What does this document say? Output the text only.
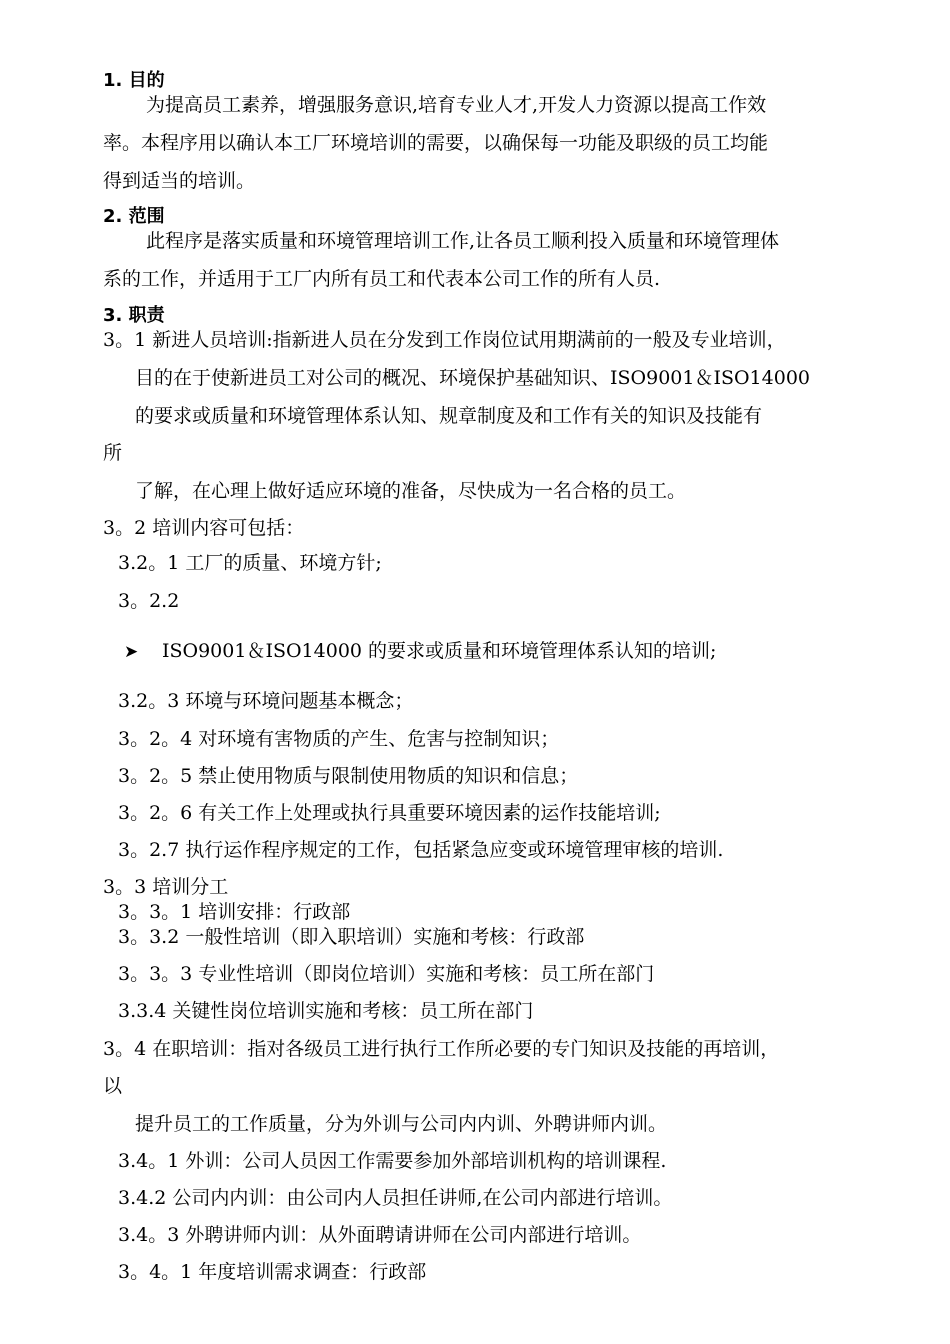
1. 目的
为提高员工素养，增强服务意识,培育专业人才,开发人力资源以提高工作效
率。本程序用以确认本工厂环境培训的需要，以确保每一功能及职级的员工均能
得到适当的培训。
2. 范围
此程序是落实质量和环境管理培训工作,让各员工顺利投入质量和环境管理体
系的工作，并适用于工厂内所有员工和代表本公司工作的所有人员.
3. 职责
3。1 新进人员培训:指新进人员在分发到工作岗位试用期满前的一般及专业培训，
目的在于使新进员工对公司的概况、环境保护基础知识、ISO9001＆ISO14000
的要求或质量和环境管理体系认知、规章制度及和工作有关的知识及技能有
所
了解，在心理上做好适应环境的准备，尽快成为一名合格的员工。
3。2 培训内容可包括：
3.2。1 工厂的质量、环境方针;
3。2.2
➤ ISO9001＆ISO14000 的要求或质量和环境管理体系认知的培训;
3.2。3 环境与环境问题基本概念；
3。2。4 对环境有害物质的产生、危害与控制知识；
3。2。5 禁止使用物质与限制使用物质的知识和信息；
3。2。6 有关工作上处理或执行具重要环境因素的运作技能培训;
3。2.7 执行运作程序规定的工作，包括紧急应变或环境管理审核的培训.
3。3 培训分工
3。3。1 培训安排：行政部
3。3.2 一般性培训（即入职培训）实施和考核：行政部
3。3。3 专业性培训（即岗位培训）实施和考核：员工所在部门
3.3.4 关键性岗位培训实施和考核：员工所在部门
3。4 在职培训：指对各级员工进行执行工作所必要的专门知识及技能的再培训，
以
提升员工的工作质量，分为外训与公司内内训、外聘讲师内训。
3.4。1 外训：公司人员因工作需要参加外部培训机构的培训课程.
3.4.2 公司内内训：由公司内人员担任讲师,在公司内部进行培训。
3.4。3 外聘讲师内训：从外面聘请讲师在公司内部进行培训。
3。4。1 年度培训需求调查：行政部
